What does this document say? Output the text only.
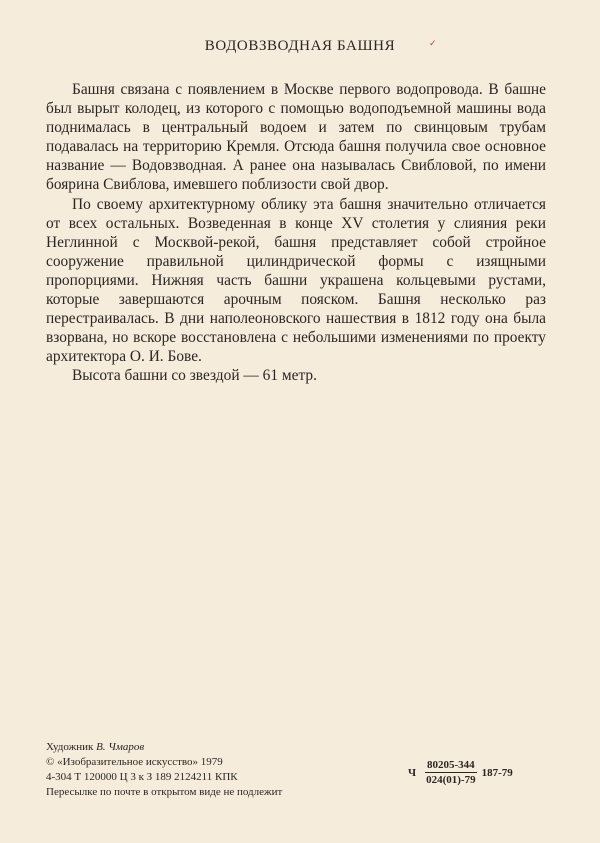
✓
ВОДОВЗВОДНАЯ БАШНЯ

Башня связана с появлением в Москве первого водопровода. В башне был вырыт колодец, из которого с помощью водоподъемной машины вода поднималась в центральный водоем и затем по свинцовым трубам подавалась на территорию Кремля. Отсюда башня получила свое основное название — Водовзводная. А ранее она называлась Свибловой, по имени боярина Свиблова, имевшего поблизости свой двор.

По своему архитектурному облику эта башня значительно отличается от всех остальных. Возведенная в конце XV столетия у слияния реки Неглинной с Москвой-рекой, башня представляет собой стройное сооружение правильной цилиндрической формы с изящными пропорциями. Нижняя часть башни украшена кольцевыми рустами, которые завершаются арочным пояском. Башня несколько раз перестраивалась. В дни наполеоновского нашествия в 1812 году она была взорвана, но вскоре восстановлена с небольшими изменениями по проекту архитектора О. И. Бове.

Высота башни со звездой — 61 метр.

Художник В. Чмаров
© «Изобразительное искусство» 1979
4-304 Т 120000 Ц 3 к З 189 2124211 КПК
Пересылке по почте в открытом виде не подлежит
Ч $\frac{80205-344}{024(01)-79} 187-79$
